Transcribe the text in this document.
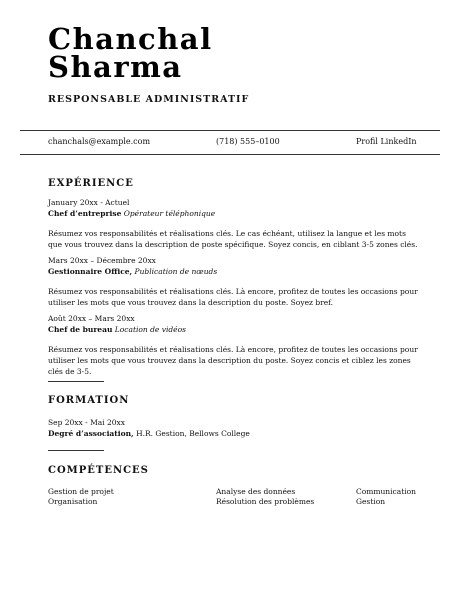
Chanchal
Sharma
RESPONSABLE ADMINISTRATIF
chanchals@example.com	(718) 555–0100	Profil LinkedIn
EXPÉRIENCE
January 20xx - Actuel
Chef d’entreprise Opérateur téléphonique
Résumez vos responsabilités et réalisations clés. Le cas échéant, utilisez la langue et les mots que vous trouvez dans la description de poste spécifique. Soyez concis, en ciblant 3-5 zones clés.
Mars 20xx – Décembre 20xx
Gestionnaire Office, Publication de nœuds
Résumez vos responsabilités et réalisations clés. Là encore, profitez de toutes les occasions pour utiliser les mots que vous trouvez dans la description du poste. Soyez bref.
Août 20xx – Mars 20xx
Chef de bureau Location de vidéos
Résumez vos responsabilités et réalisations clés. Là encore, profitez de toutes les occasions pour utiliser les mots que vous trouvez dans la description du poste. Soyez concis et ciblez les zones clés de 3-5.
FORMATION
Sep 20xx - Mai 20xx
Degré d’association, H.R. Gestion, Bellows College
COMPÉTENCES
Gestion de projet	Analyse des données	Communication
Organisation	Résolution des problèmes	Gestion
